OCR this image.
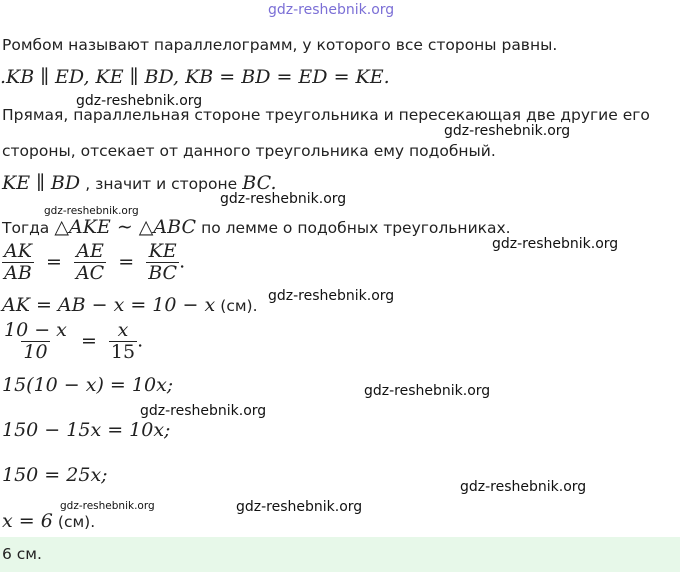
gdz-reshebnik.org
Ромбом называют параллелограмм, у которого все стороны равны.
.KB ∥ ED, KE ∥ BD, KB = BD = ED = KE.
gdz-reshebnik.org
Прямая, параллельная стороне треугольника и пересекающая две другие его
gdz-reshebnik.org
стороны, отсекает от данного треугольника ему подобный.
KE ∥ BD , значит и стороне BC.
gdz-reshebnik.org
gdz-reshebnik.org
Тогда △AKE ∼ △ABC по лемме о подобных треугольниках.
gdz-reshebnik.org
$\frac{AK}{AB} = \frac{AE}{AC} = \frac{KE}{BC}$ .
AK = AB − x = 10 − x (см).
gdz-reshebnik.org
$\frac{10 - x}{10} = \frac{x}{15}$ .
15(10 − x) = 10x;	gdz-reshebnik.org
gdz-reshebnik.org
150 − 15x = 10x;
150 = 25x;
gdz-reshebnik.org
gdz-reshebnik.org	gdz-reshebnik.org
x = 6 (см).
6 см.
